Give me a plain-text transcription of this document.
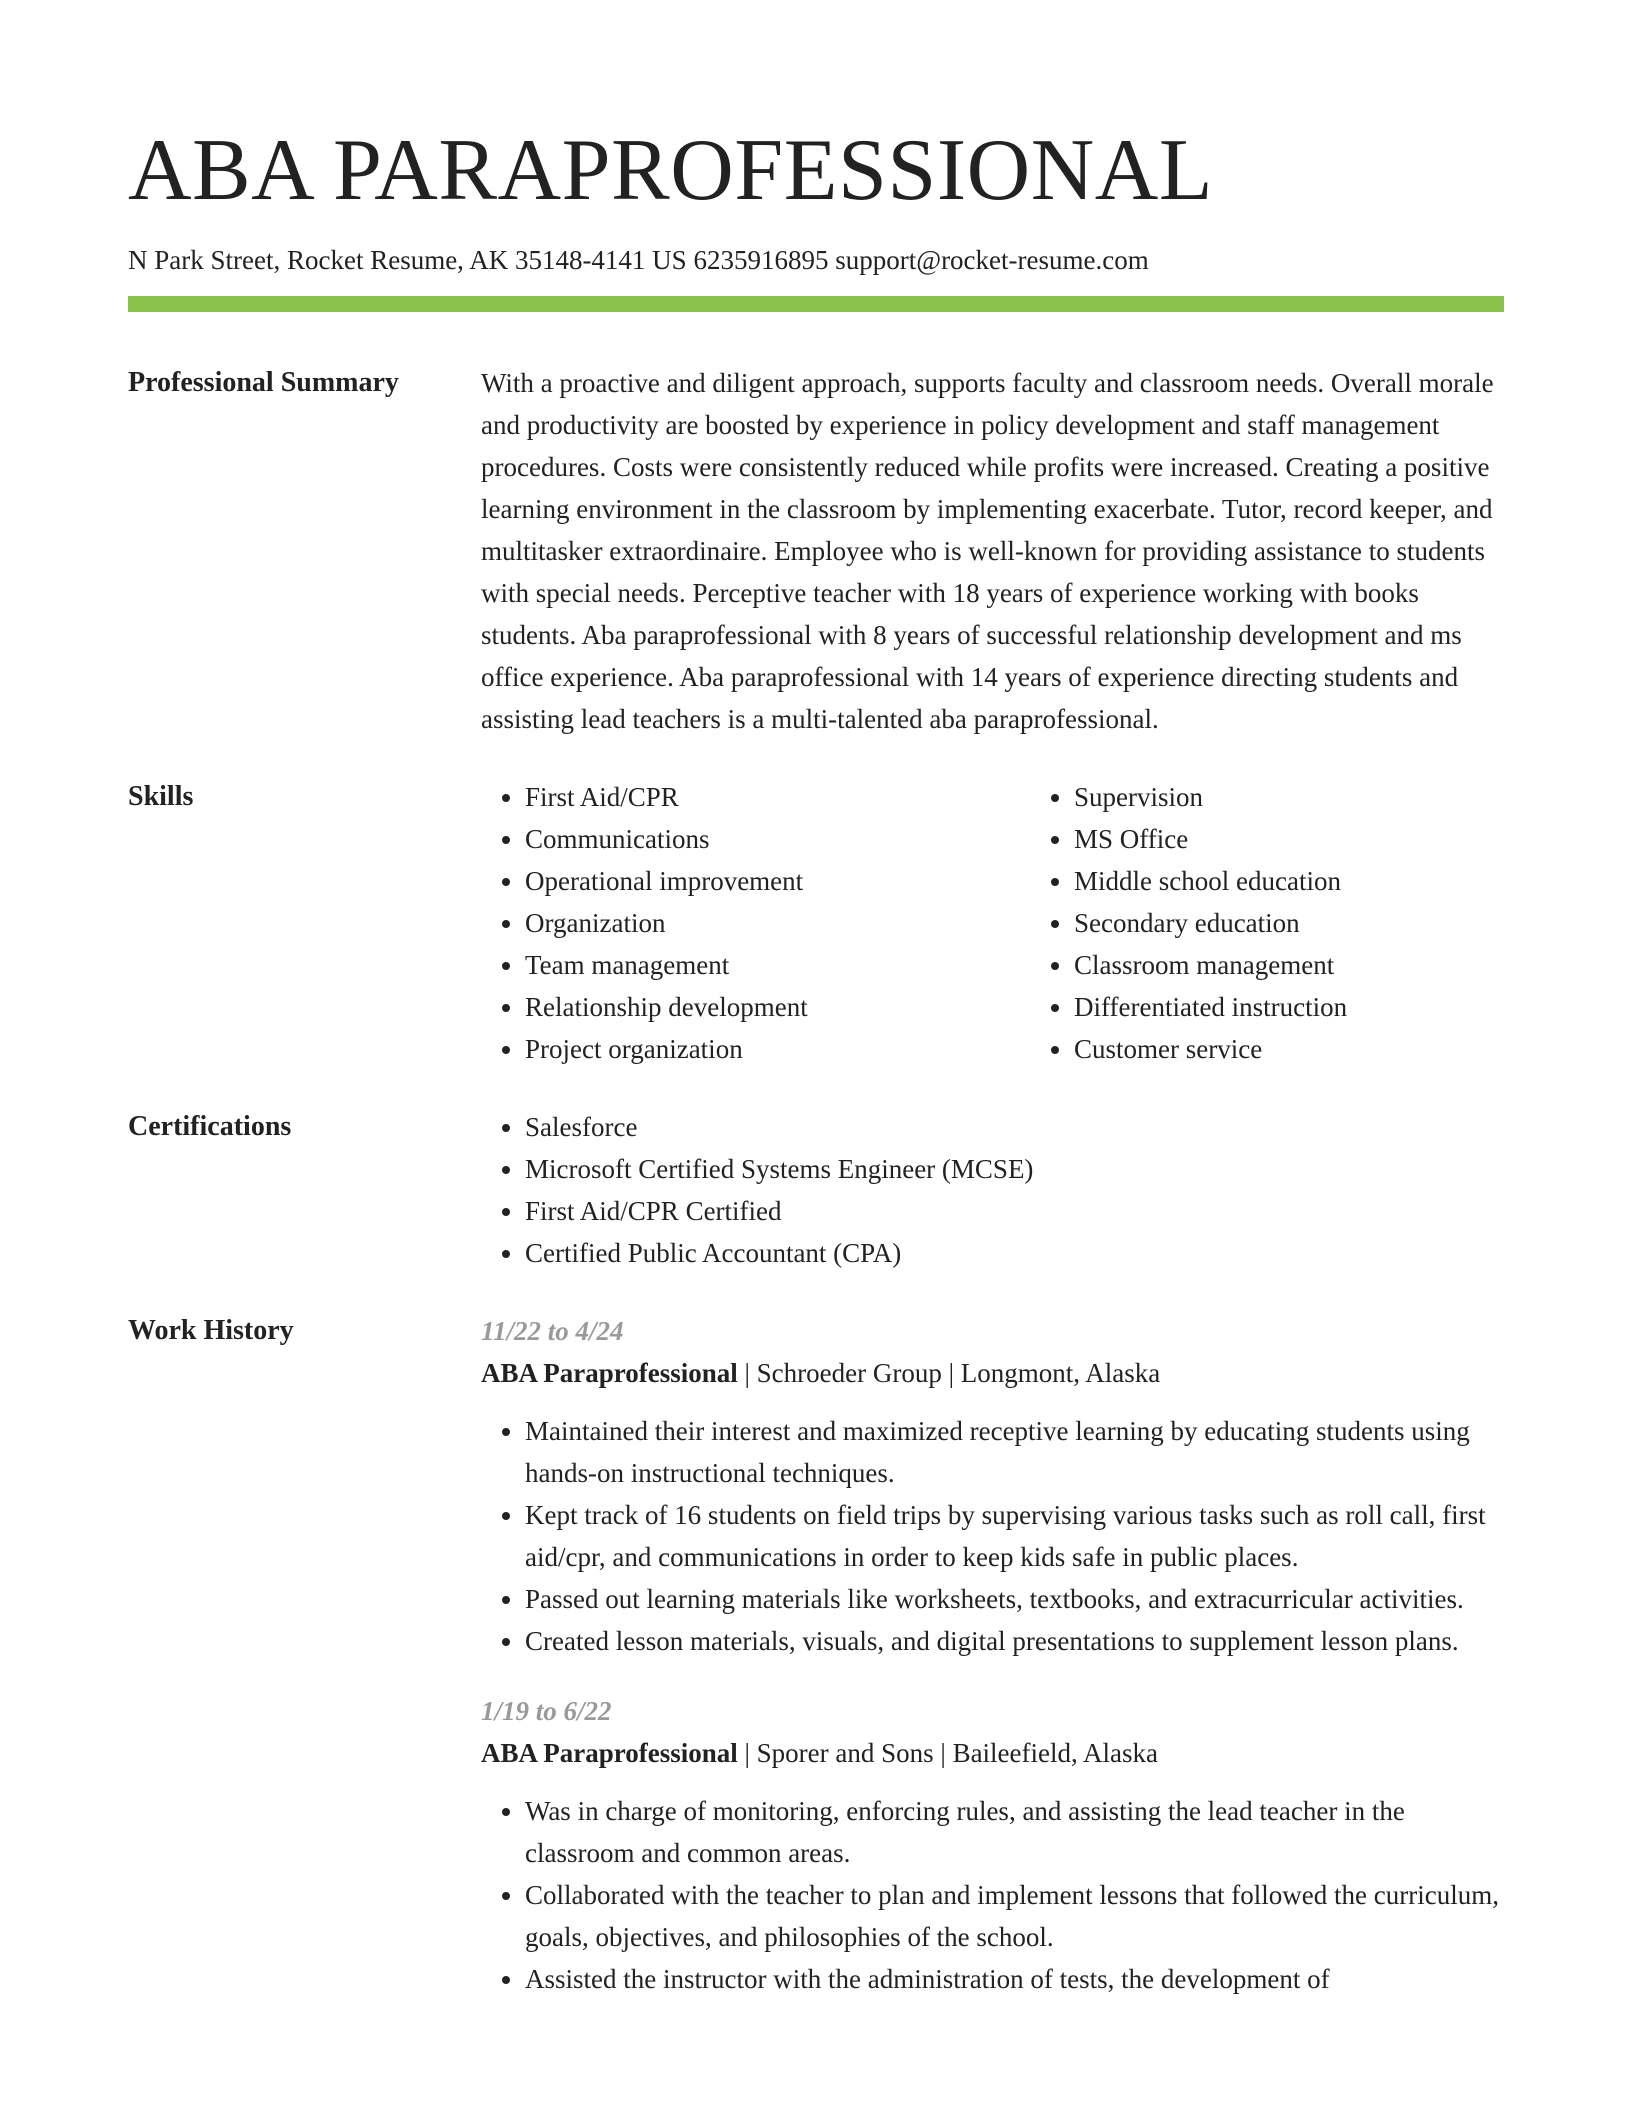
ABA PARAPROFESSIONAL
N Park Street, Rocket Resume, AK 35148-4141 US 6235916895 support@rocket-resume.com
Professional Summary	With a proactive and diligent approach, supports faculty and classroom needs. Overall morale and productivity are boosted by experience in policy development and staff management procedures. Costs were consistently reduced while profits were increased. Creating a positive learning environment in the classroom by implementing exacerbate. Tutor, record keeper, and multitasker extraordinaire. Employee who is well-known for providing assistance to students with special needs. Perceptive teacher with 18 years of experience working with books students. Aba paraprofessional with 8 years of successful relationship development and ms office experience. Aba paraprofessional with 14 years of experience directing students and assisting lead teachers is a multi-talented aba paraprofessional.

Skills	• First Aid/CPR
• Communications
• Operational improvement
• Organization
• Team management
• Relationship development
• Project organization
• Supervision
• MS Office
• Middle school education
• Secondary education
• Classroom management
• Differentiated instruction
• Customer service
Certifications	• Salesforce
• Microsoft Certified Systems Engineer (MCSE)
• First Aid/CPR Certified
• Certified Public Accountant (CPA)
Work History	11/22 to 4/24
ABA Paraprofessional | Schroeder Group | Longmont, Alaska
• Maintained their interest and maximized receptive learning by educating students using hands-on instructional techniques.
• Kept track of 16 students on field trips by supervising various tasks such as roll call, first aid/cpr, and communications in order to keep kids safe in public places.
• Passed out learning materials like worksheets, textbooks, and extracurricular activities.
• Created lesson materials, visuals, and digital presentations to supplement lesson plans.
1/19 to 6/22
ABA Paraprofessional | Sporer and Sons | Baileefield, Alaska
• Was in charge of monitoring, enforcing rules, and assisting the lead teacher in the classroom and common areas.
• Collaborated with the teacher to plan and implement lessons that followed the curriculum, goals, objectives, and philosophies of the school.
• Assisted the instructor with the administration of tests, the development of
